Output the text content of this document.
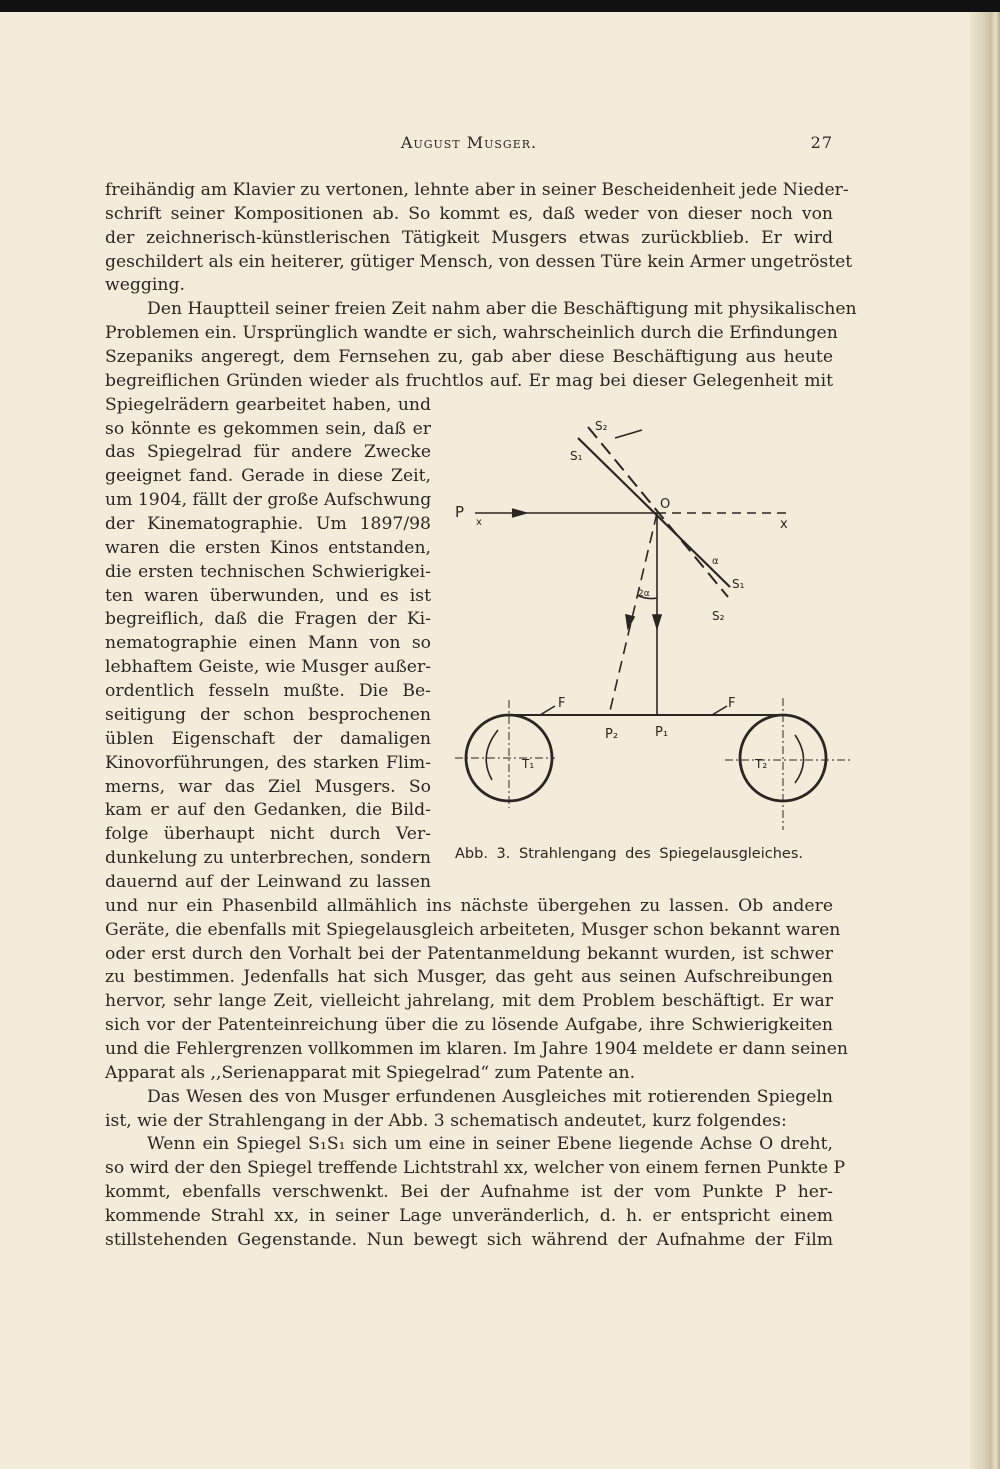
August Musger.	27
freihändig am Klavier zu vertonen, lehnte aber in seiner Bescheidenheit jede Nieder-
schrift seiner Kompositionen ab. So kommt es, daß weder von dieser noch von
der zeichnerisch-künstlerischen Tätigkeit Musgers etwas zurückblieb. Er wird
geschildert als ein heiterer, gütiger Mensch, von dessen Türe kein Armer ungetröstet
wegging.
Den Hauptteil seiner freien Zeit nahm aber die Beschäftigung mit physikalischen
Problemen ein. Ursprünglich wandte er sich, wahrscheinlich durch die Erfindungen
Szepaniks angeregt, dem Fernsehen zu, gab aber diese Beschäftigung aus heute
begreiflichen Gründen wieder als fruchtlos auf. Er mag bei dieser Gelegenheit mit
Spiegelrädern gearbeitet haben, und
so könnte es gekommen sein, daß er
das Spiegelrad für andere Zwecke
geeignet fand. Gerade in diese Zeit,
um 1904, fällt der große Aufschwung
der Kinematographie. Um 1897/98
waren die ersten Kinos entstanden,
die ersten technischen Schwierigkei-
ten waren überwunden, und es ist
begreiflich, daß die Fragen der Ki-
nematographie einen Mann von so
lebhaftem Geiste, wie Musger außer-
ordentlich fesseln mußte. Die Be-
seitigung der schon besprochenen
üblen Eigenschaft der damaligen
Kinovorführungen, des starken Flim-
merns, war das Ziel Musgers. So
kam er auf den Gedanken, die Bild-
folge überhaupt nicht durch Ver-
dunkelung zu unterbrechen, sondern
dauernd auf der Leinwand zu lassen
und nur ein Phasenbild allmählich ins nächste übergehen zu lassen. Ob andere
Geräte, die ebenfalls mit Spiegelausgleich arbeiteten, Musger schon bekannt waren
oder erst durch den Vorhalt bei der Patentanmeldung bekannt wurden, ist schwer
zu bestimmen. Jedenfalls hat sich Musger, das geht aus seinen Aufschreibungen
hervor, sehr lange Zeit, vielleicht jahrelang, mit dem Problem beschäftigt. Er war
sich vor der Patenteinreichung über die zu lösende Aufgabe, ihre Schwierigkeiten
und die Fehlergrenzen vollkommen im klaren. Im Jahre 1904 meldete er dann seinen
Apparat als ,,Serienapparat mit Spiegelrad“ zum Patente an.
Das Wesen des von Musger erfundenen Ausgleiches mit rotierenden Spiegeln
ist, wie der Strahlengang in der Abb. 3 schematisch andeutet, kurz folgendes:
Wenn ein Spiegel S₁S₁ sich um eine in seiner Ebene liegende Achse O dreht,
so wird der den Spiegel treffende Lichtstrahl xx, welcher von einem fernen Punkte P
kommt, ebenfalls verschwenkt. Bei der Aufnahme ist der vom Punkte P her-
kommende Strahl xx, in seiner Lage unveränderlich, d. h. er entspricht einem
stillstehenden Gegenstande. Nun bewegt sich während der Aufnahme der Film
P
x	x
O
S₁
S₂
S₁
S₂
α
2α
F	F
P₂	P₁
T₁	T₂
Abb. 3. Strahlengang des Spiegelausgleiches.
